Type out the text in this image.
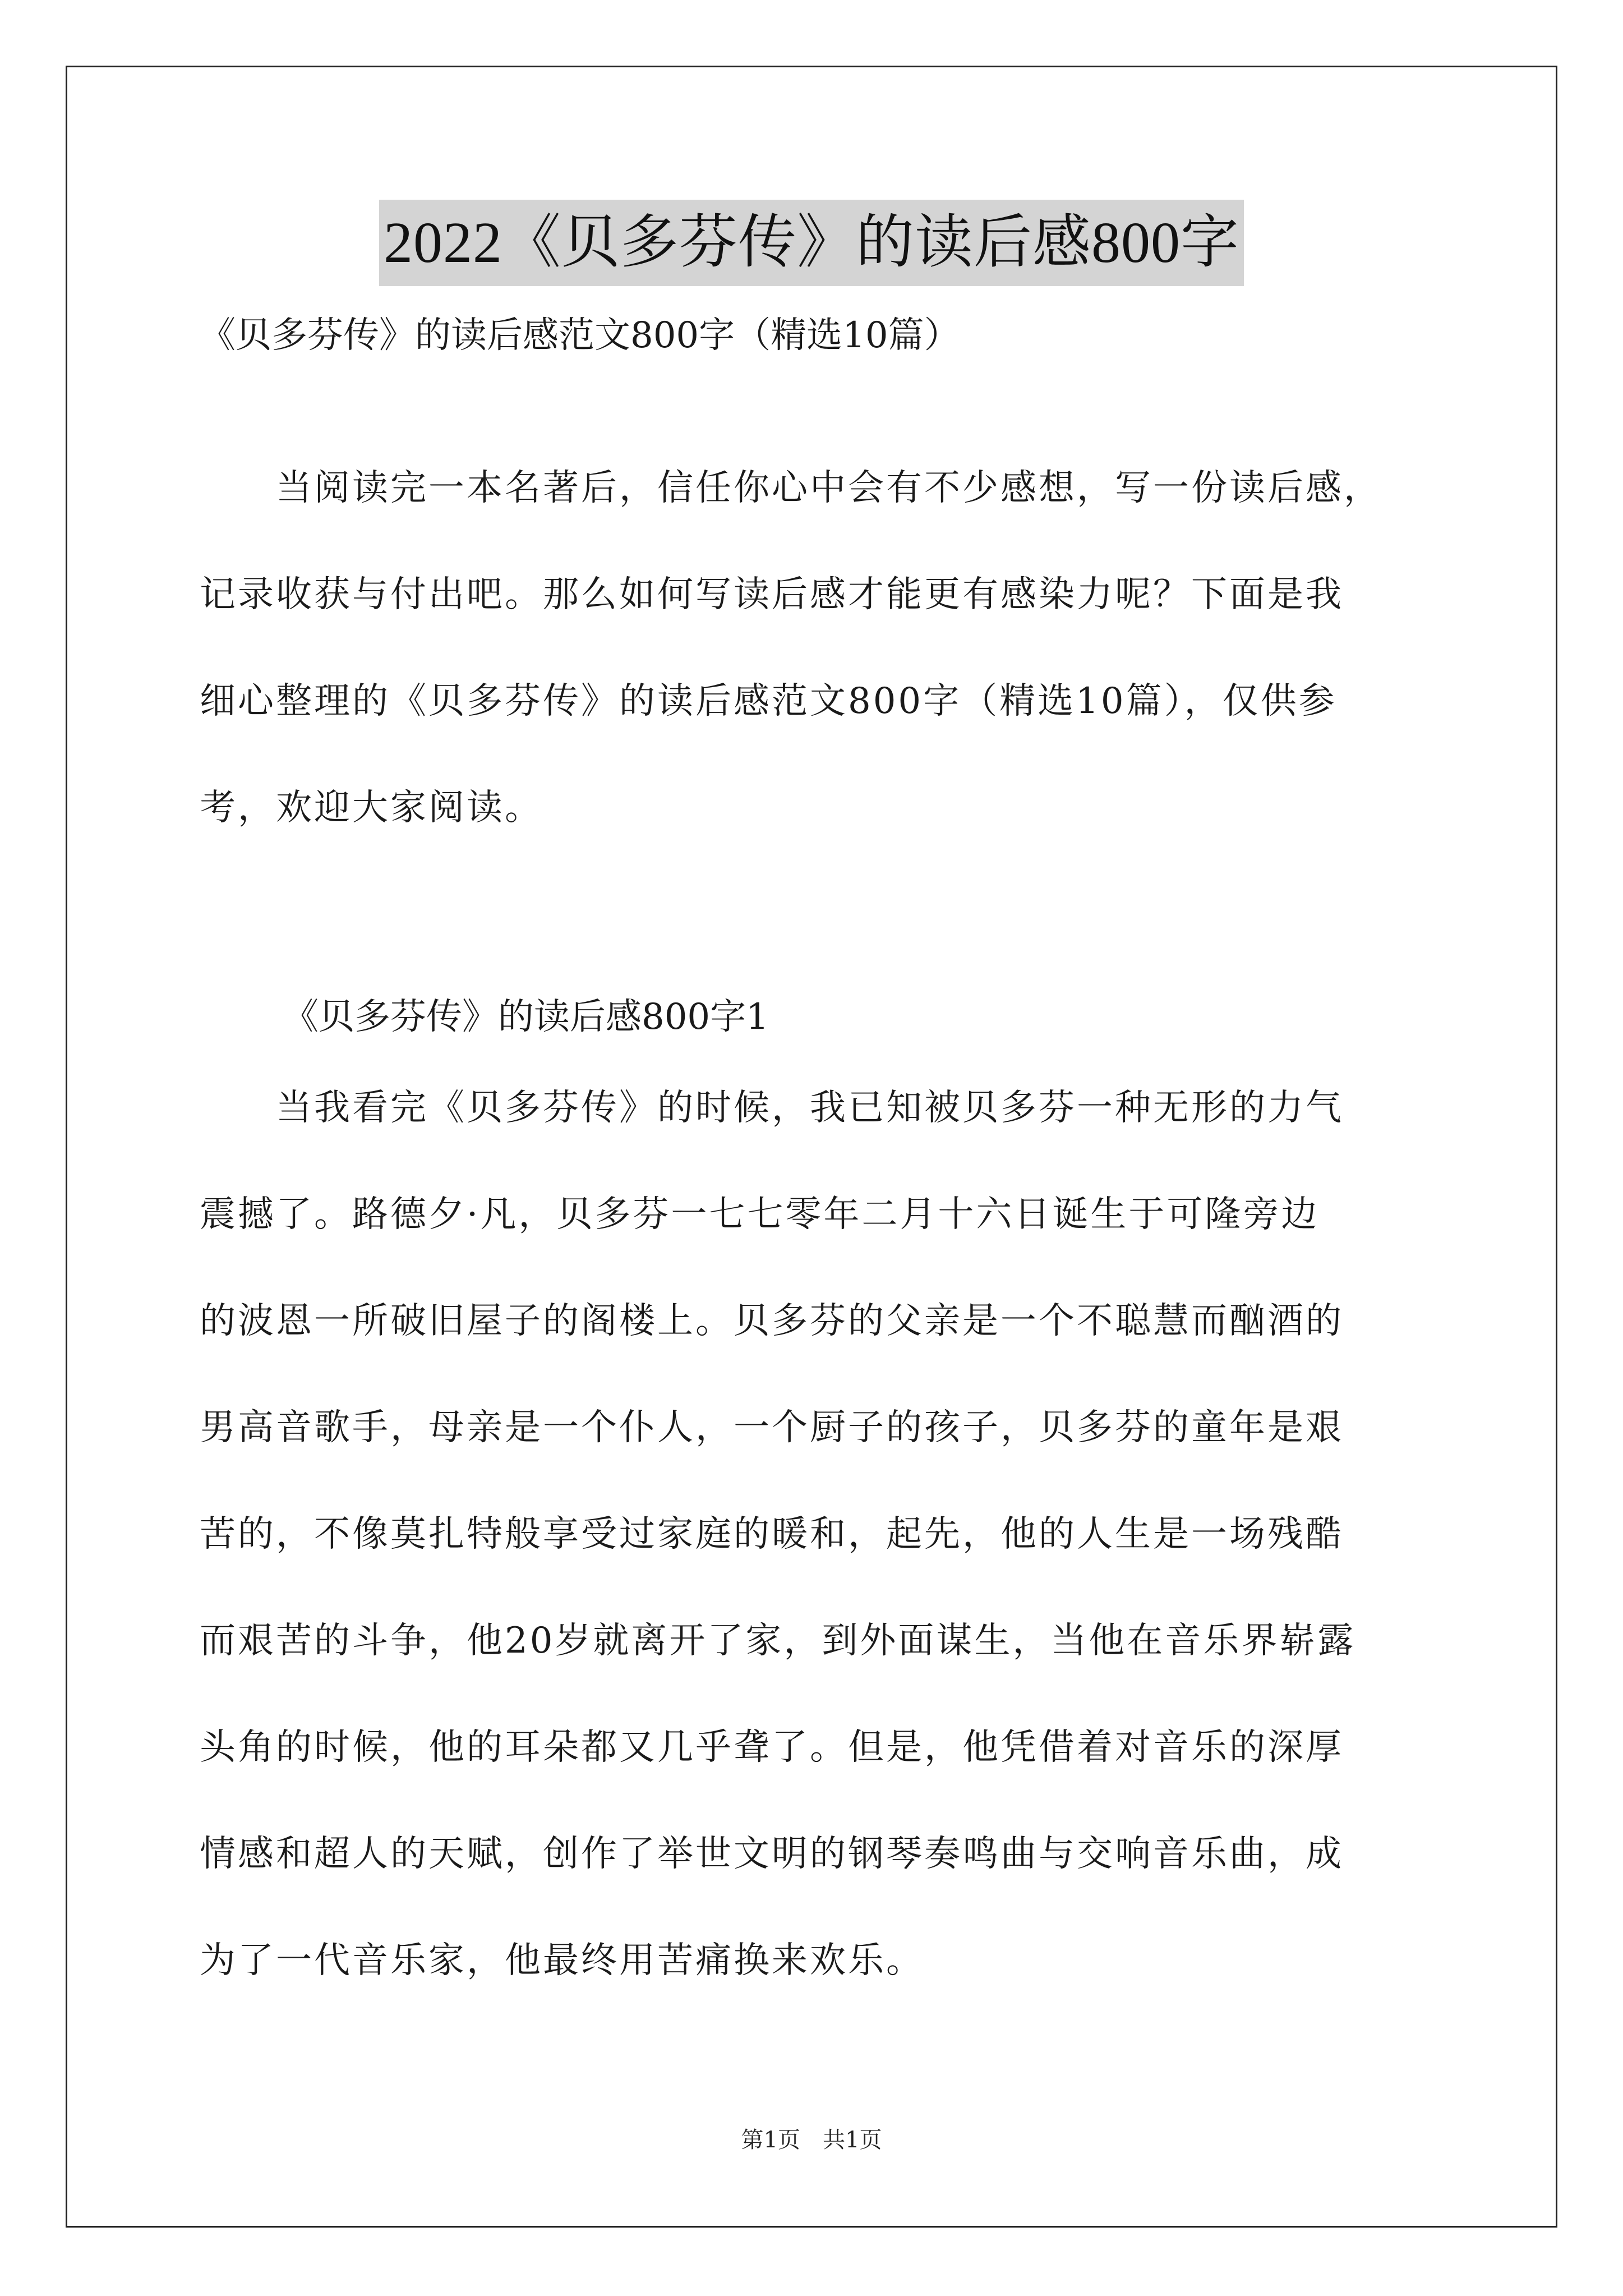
2022《贝多芬传》的读后感800字
《贝多芬传》的读后感范文800字（精选10篇）
　　当阅读完一本名著后，信任你心中会有不少感想，写一份读后感，
记录收获与付出吧。那么如何写读后感才能更有感染力呢？下面是我
细心整理的《贝多芬传》的读后感范文800字（精选10篇），仅供参
考，欢迎大家阅读。
《贝多芬传》的读后感800字1
　　当我看完《贝多芬传》的时候，我已知被贝多芬一种无形的力气
震撼了。路德夕·凡，贝多芬一七七零年二月十六日诞生于可隆旁边
的波恩一所破旧屋子的阁楼上。贝多芬的父亲是一个不聪慧而酗酒的
男高音歌手，母亲是一个仆人，一个厨子的孩子，贝多芬的童年是艰
苦的，不像莫扎特般享受过家庭的暖和，起先，他的人生是一场残酷
而艰苦的斗争，他20岁就离开了家，到外面谋生，当他在音乐界崭露
头角的时候，他的耳朵都又几乎聋了。但是，他凭借着对音乐的深厚
情感和超人的天赋，创作了举世文明的钢琴奏鸣曲与交响音乐曲，成
为了一代音乐家，他最终用苦痛换来欢乐。
第1页　共1页
